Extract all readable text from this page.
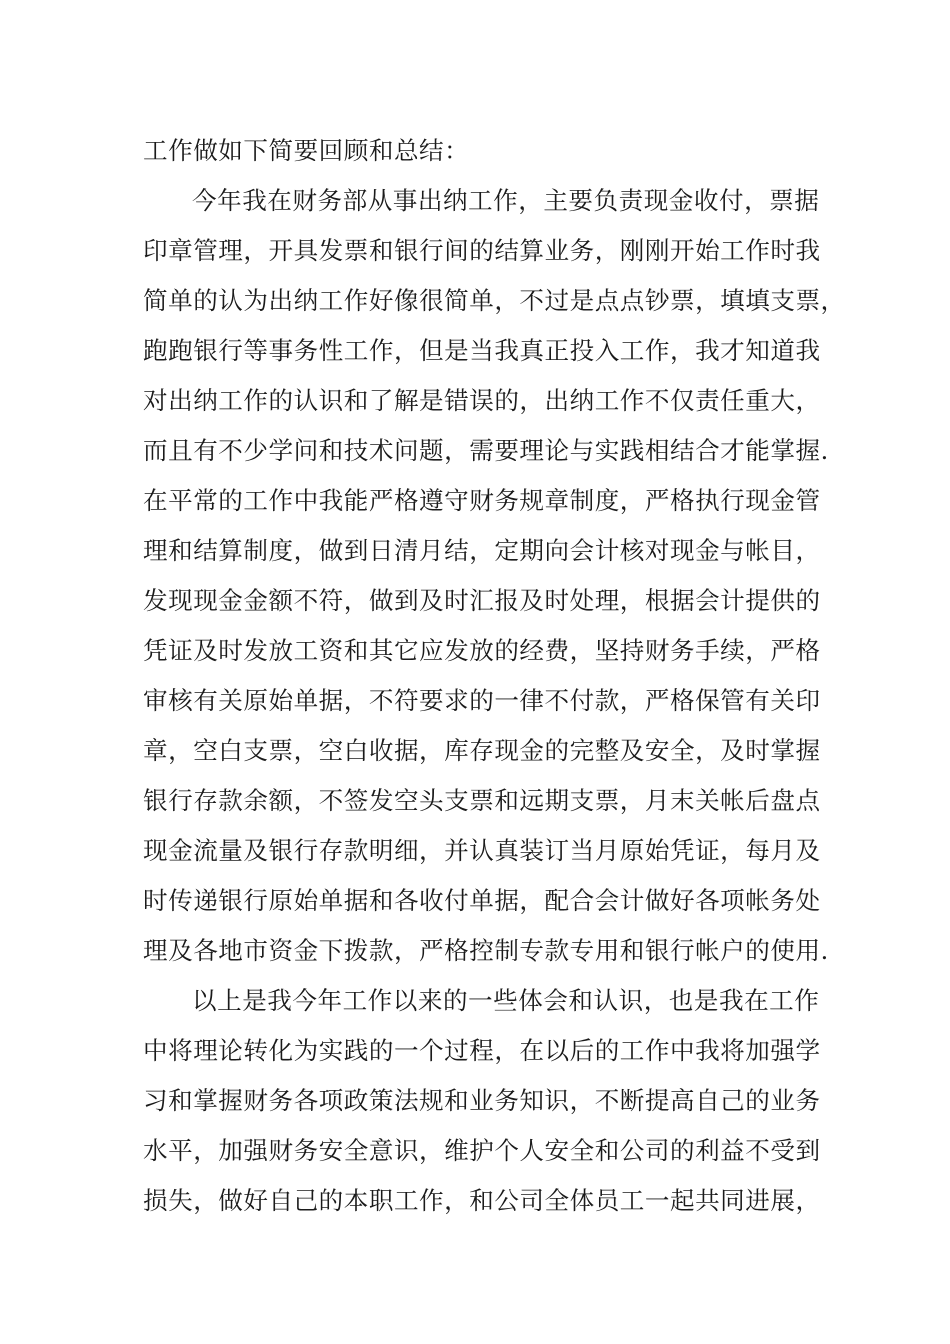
工作做如下简要回顾和总结：
今年我在财务部从事出纳工作，主要负责现金收付，票据
印章管理，开具发票和银行间的结算业务，刚刚开始工作时我
简单的认为出纳工作好像很简单，不过是点点钞票，填填支票，
跑跑银行等事务性工作，但是当我真正投入工作，我才知道我
对出纳工作的认识和了解是错误的，出纳工作不仅责任重大，
而且有不少学问和技术问题，需要理论与实践相结合才能掌握.
在平常的工作中我能严格遵守财务规章制度，严格执行现金管
理和结算制度，做到日清月结，定期向会计核对现金与帐目，
发现现金金额不符，做到及时汇报及时处理，根据会计提供的
凭证及时发放工资和其它应发放的经费，坚持财务手续，严格
审核有关原始单据，不符要求的一律不付款，严格保管有关印
章，空白支票，空白收据，库存现金的完整及安全，及时掌握
银行存款余额，不签发空头支票和远期支票，月末关帐后盘点
现金流量及银行存款明细，并认真装订当月原始凭证，每月及
时传递银行原始单据和各收付单据，配合会计做好各项帐务处
理及各地市资金下拨款，严格控制专款专用和银行帐户的使用.
以上是我今年工作以来的一些体会和认识，也是我在工作
中将理论转化为实践的一个过程，在以后的工作中我将加强学
习和掌握财务各项政策法规和业务知识，不断提高自己的业务
水平，加强财务安全意识，维护个人安全和公司的利益不受到
损失，做好自己的本职工作，和公司全体员工一起共同进展，
